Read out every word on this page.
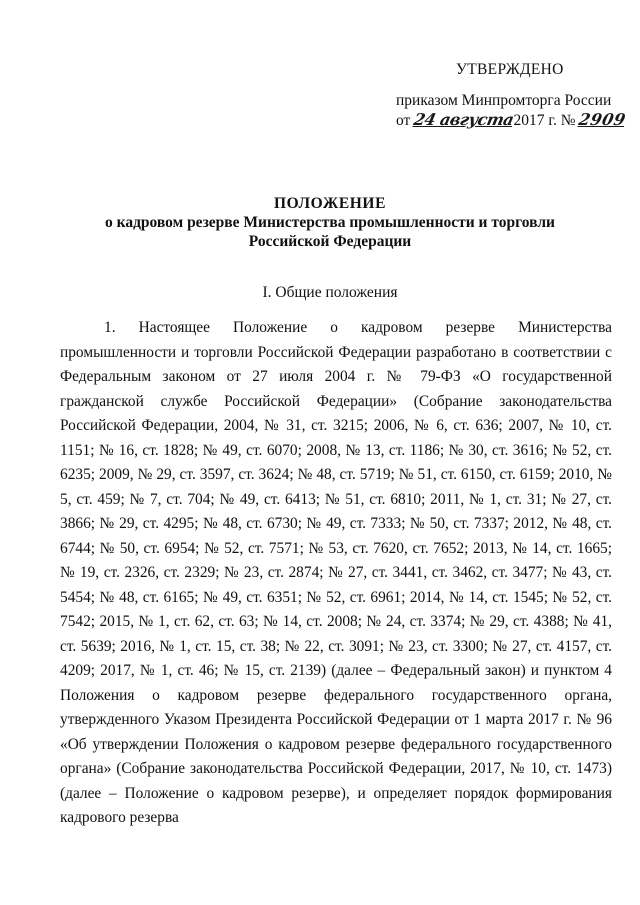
УТВЕРЖДЕНО
приказом Минпромторга России
от 24 августа2017 г. № 2909
ПОЛОЖЕНИЕ
о кадровом резерве Министерства промышленности и торговли
Российской Федерации
I. Общие положения

1. Настоящее Положение о кадровом резерве Министерства промышленности и торговли Российской Федерации разработано в соответствии с Федеральным законом от 27 июля 2004 г. № 79-ФЗ «О государственной гражданской службе Российской Федерации» (Собрание законодательства Российской Федерации, 2004, № 31, ст. 3215; 2006, № 6, ст. 636; 2007, № 10, ст. 1151; № 16, ст. 1828; № 49, ст. 6070; 2008, № 13, ст. 1186; № 30, ст. 3616; № 52, ст. 6235; 2009, № 29, ст. 3597, ст. 3624; № 48, ст. 5719; № 51, ст. 6150, ст. 6159; 2010, № 5, ст. 459; № 7, ст. 704; № 49, ст. 6413; № 51, ст. 6810; 2011, № 1, ст. 31; № 27, ст. 3866; № 29, ст. 4295; № 48, ст. 6730; № 49, ст. 7333; № 50, ст. 7337; 2012, № 48, ст. 6744; № 50, ст. 6954; № 52, ст. 7571; № 53, ст. 7620, ст. 7652; 2013, № 14, ст. 1665; № 19, ст. 2326, ст. 2329; № 23, ст. 2874; № 27, ст. 3441, ст. 3462, ст. 3477; № 43, ст. 5454; № 48, ст. 6165; № 49, ст. 6351; № 52, ст. 6961; 2014, № 14, ст. 1545; № 52, ст. 7542; 2015, № 1, ст. 62, ст. 63; № 14, ст. 2008; № 24, ст. 3374; № 29, ст. 4388; № 41, ст. 5639; 2016, № 1, ст. 15, ст. 38; № 22, ст. 3091; № 23, ст. 3300; № 27, ст. 4157, ст. 4209; 2017, № 1, ст. 46; № 15, ст. 2139) (далее – Федеральный закон) и пунктом 4 Положения о кадровом резерве федерального государственного органа, утвержденного Указом Президента Российской Федерации от 1 марта 2017 г. № 96 «Об утверждении Положения о кадровом резерве федерального государственного органа» (Собрание законодательства Российской Федерации, 2017, № 10, ст. 1473) (далее – Положение о кадровом резерве), и определяет порядок формирования кадрового резерва
